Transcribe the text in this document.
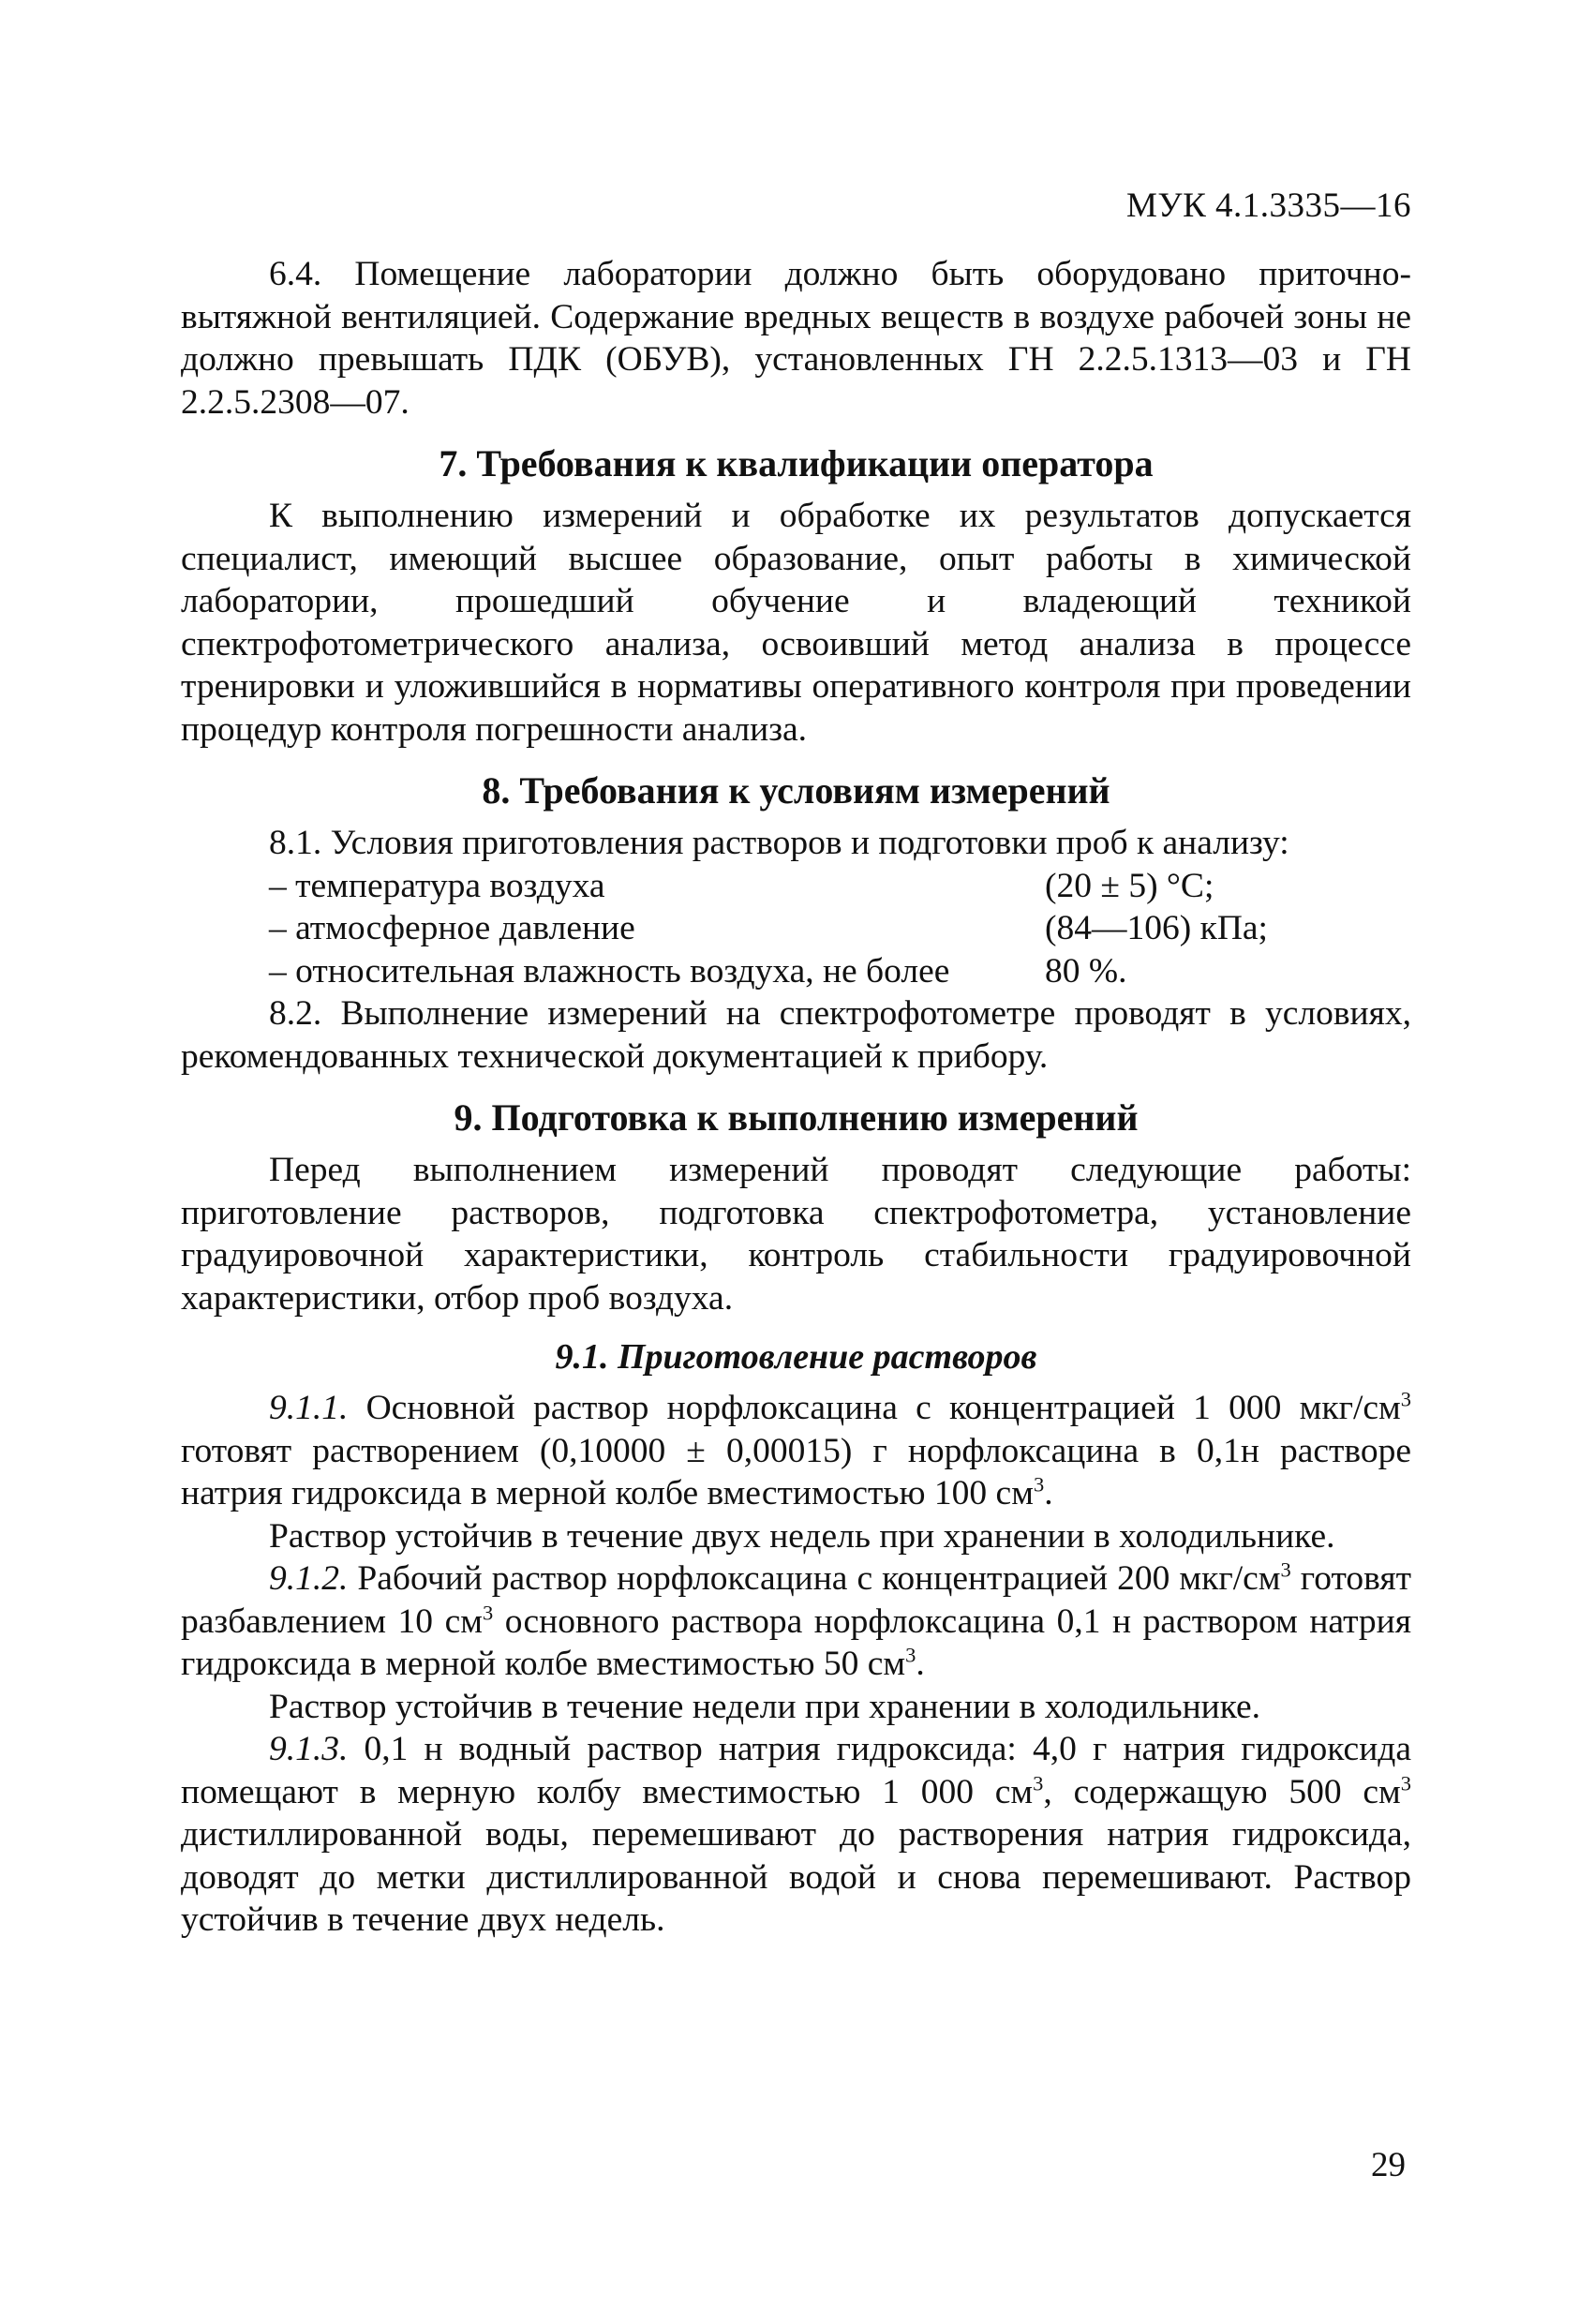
МУК 4.1.3335—16

6.4. Помещение лаборатории должно быть оборудовано приточно-вытяжной вентиляцией. Содержание вредных веществ в воздухе рабочей зоны не должно превышать ПДК (ОБУВ), установленных ГН 2.2.5.1313—03 и ГН 2.2.5.2308—07.

7. Требования к квалификации оператора

К выполнению измерений и обработке их результатов допускается специалист, имеющий высшее образование, опыт работы в химической лаборатории, прошедший обучение и владеющий техникой спектрофотометрического анализа, освоивший метод анализа в процессе тренировки и уложившийся в нормативы оперативного контроля при проведении процедур контроля погрешности анализа.

8. Требования к условиям измерений

8.1. Условия приготовления растворов и подготовки проб к анализу:

– температура воздуха	(20 ± 5) °С;
– атмосферное давление	(84—106) кПа;
– относительная влажность воздуха, не более	80 %.

8.2. Выполнение измерений на спектрофотометре проводят в условиях, рекомендованных технической документацией к прибору.

9. Подготовка к выполнению измерений

Перед выполнением измерений проводят следующие работы: приготовление растворов, подготовка спектрофотометра, установление градуировочной характеристики, контроль стабильности градуировочной характеристики, отбор проб воздуха.

9.1. Приготовление растворов

9.1.1. Основной раствор норфлоксацина с концентрацией 1 000 мкг/$см^3$ готовят растворением (0,10000 ± 0,00015) г норфлоксацина в 0,1н растворе натрия гидроксида в мерной колбе вместимостью 100 $см^3$.

Раствор устойчив в течение двух недель при хранении в холодильнике.

9.1.2. Рабочий раствор норфлоксацина с концентрацией 200 мкг/$см^3$ готовят разбавлением 10 $см^3$ основного раствора норфлоксацина 0,1 н раствором натрия гидроксида в мерной колбе вместимостью 50 $см^3$.

Раствор устойчив в течение недели при хранении в холодильнике.

9.1.3. 0,1 н водный раствор натрия гидроксида: 4,0 г натрия гидроксида помещают в мерную колбу вместимостью 1 000 $см^3$, содержащую 500 $см^3$ дистиллированной воды, перемешивают до растворения натрия гидроксида, доводят до метки дистиллированной водой и снова перемешивают. Раствор устойчив в течение двух недель.

29
